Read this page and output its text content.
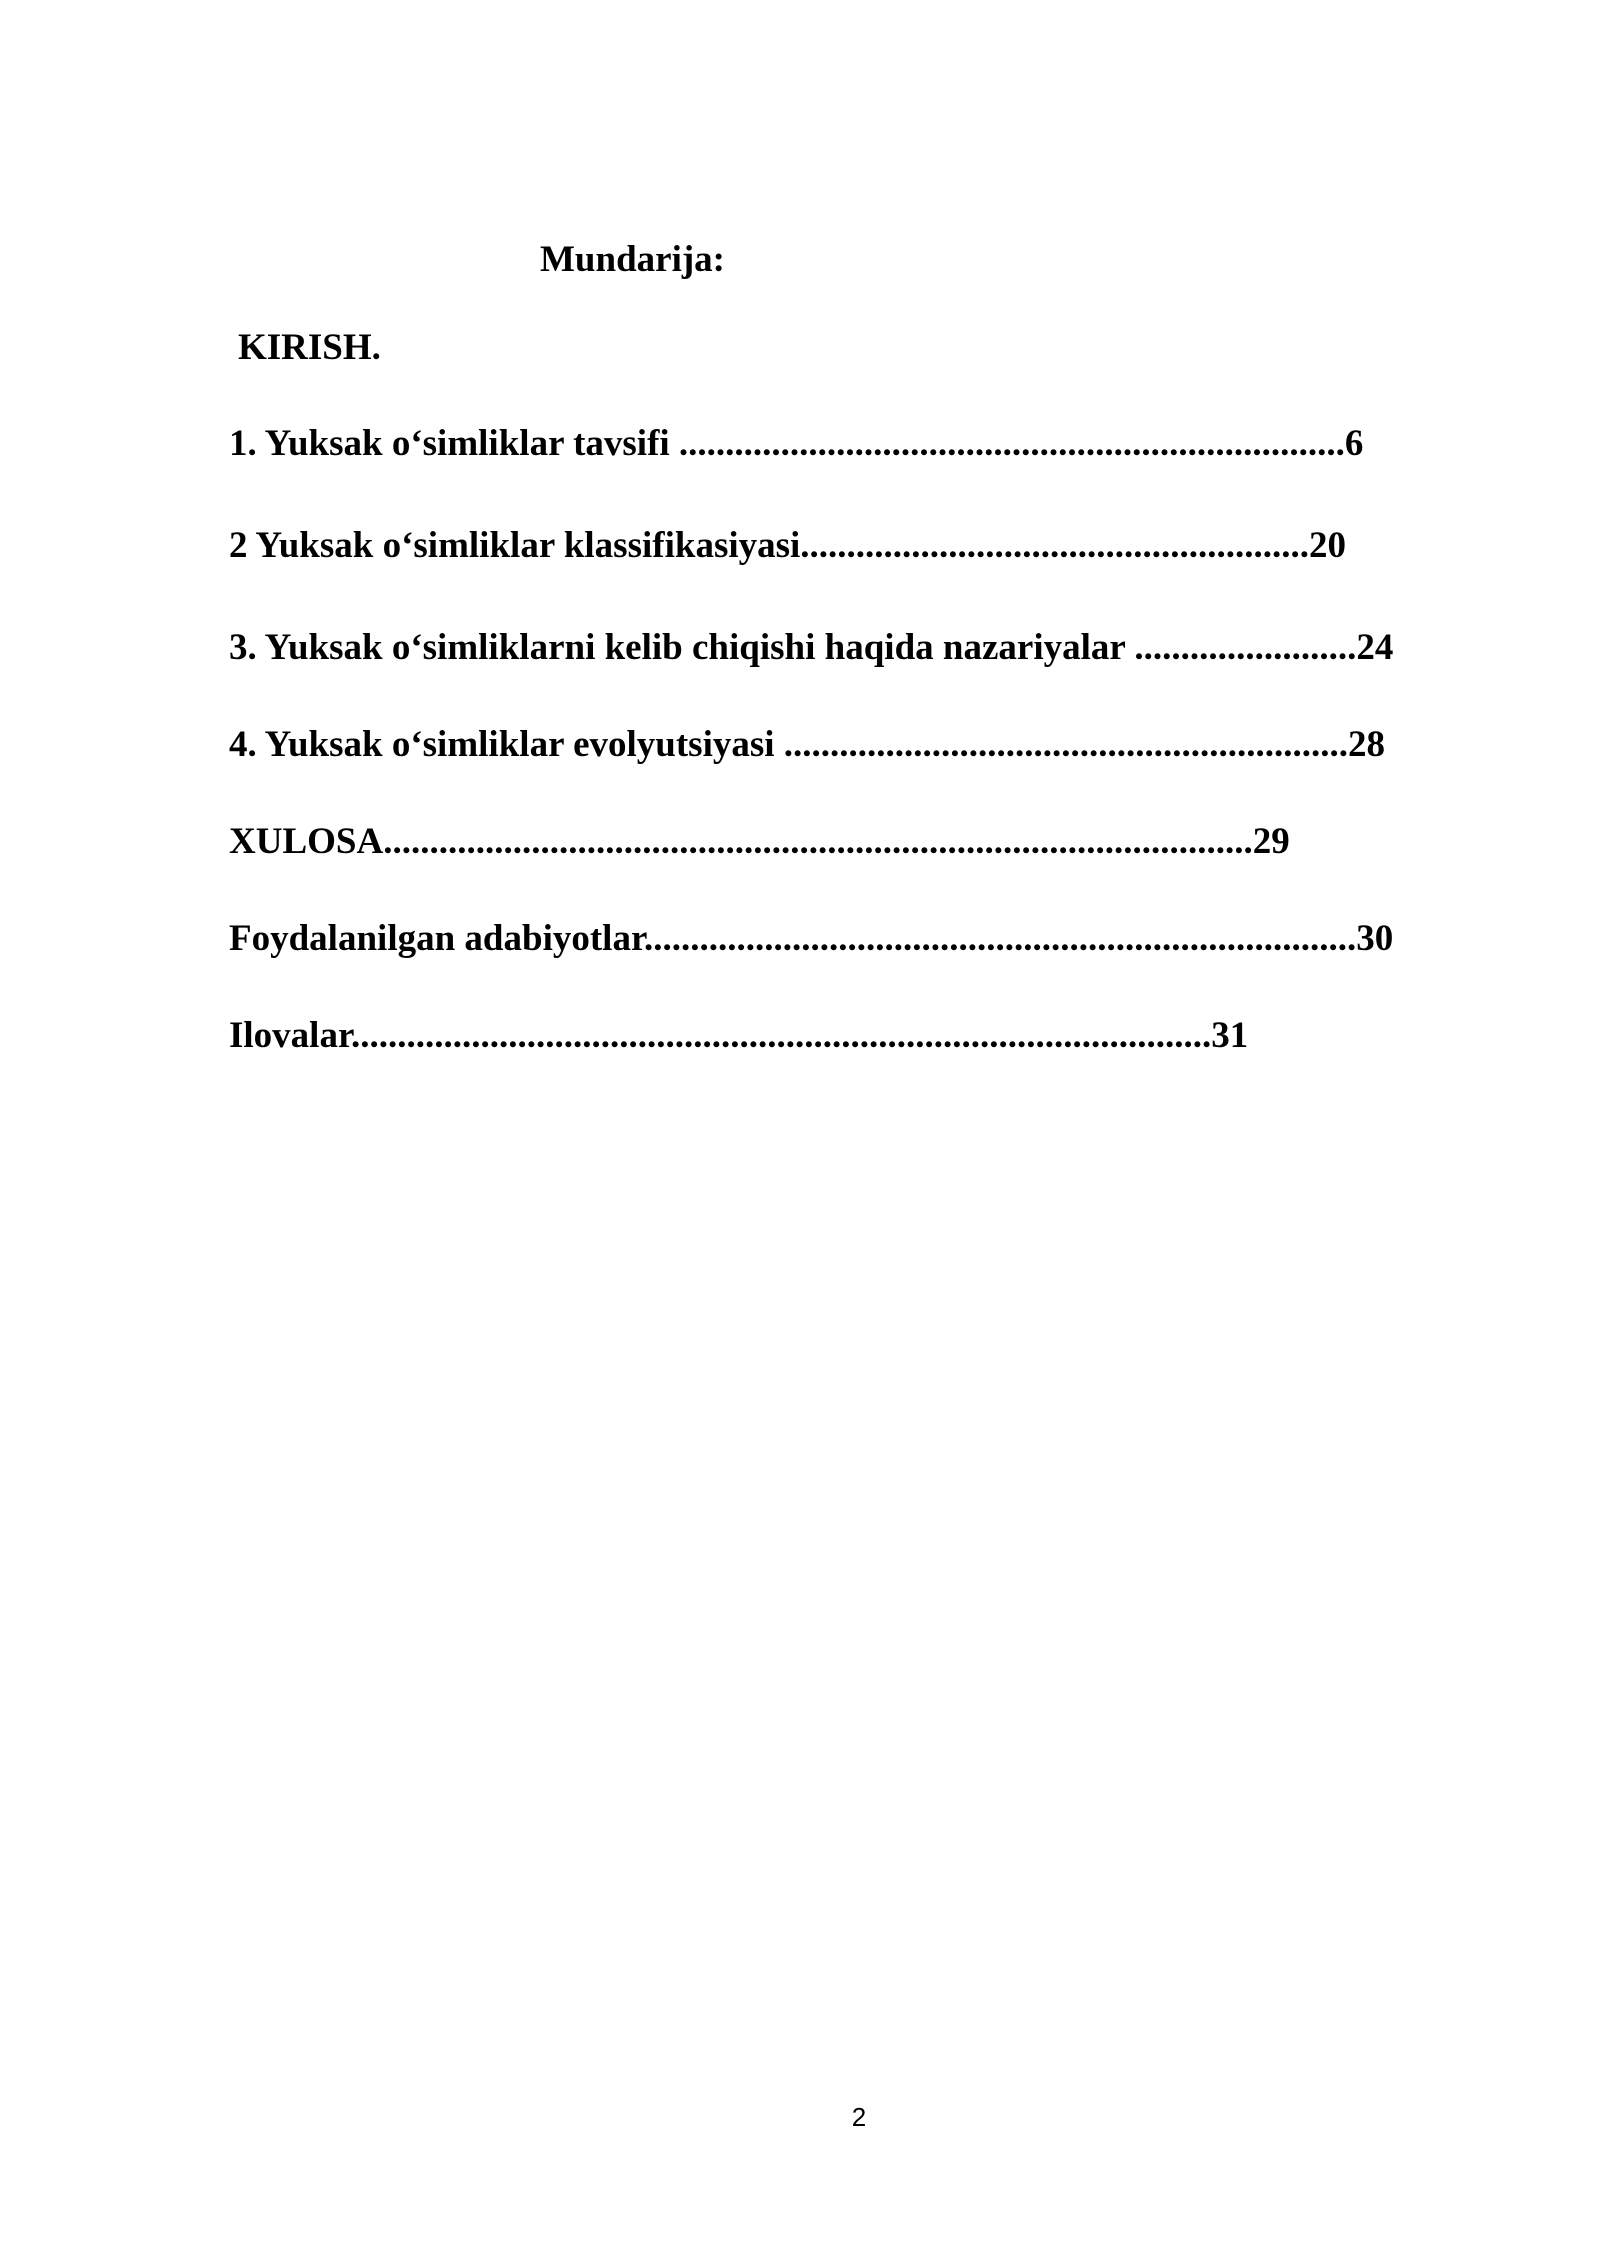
Mundarija:
KIRISH.
1. Yuksak o‘simliklar tavsifi ........................................................................6
2 Yuksak o‘simliklar klassifikasiyasi.......................................................20
3. Yuksak o‘simliklarni kelib chiqishi haqida nazariyalar ........................24
4. Yuksak o‘simliklar evolyutsiyasi .............................................................28
XULOSA..............................................................................................29
Foydalanilgan adabiyotlar.............................................................................30
Ilovalar.............................................................................................31
2
